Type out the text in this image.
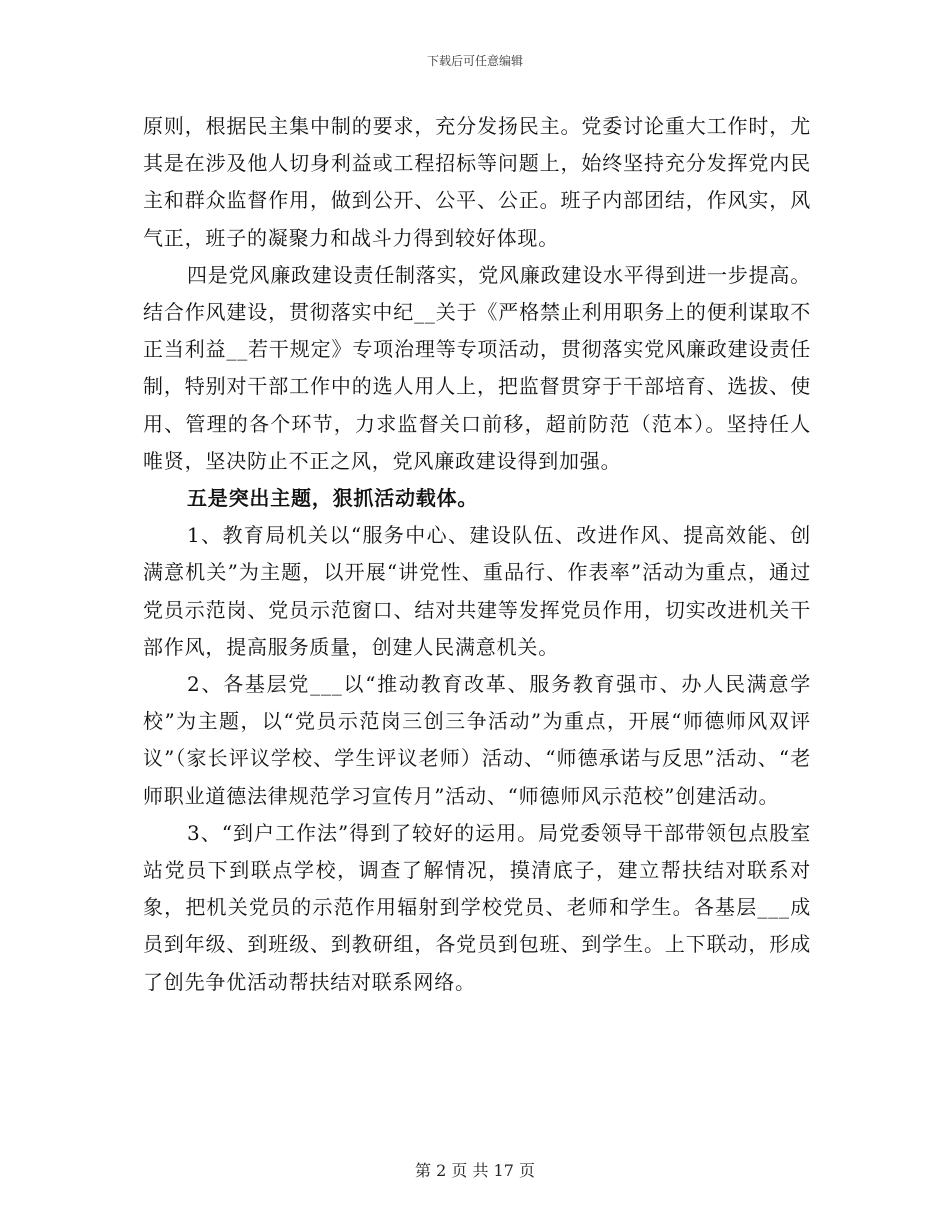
下载后可任意编辑

原则，根据民主集中制的要求，充分发扬民主。党委讨论重大工作时，尤其是在涉及他人切身利益或工程招标等问题上，始终坚持充分发挥党内民主和群众监督作用，做到公开、公平、公正。班子内部团结，作风实，风气正，班子的凝聚力和战斗力得到较好体现。

四是党风廉政建设责任制落实，党风廉政建设水平得到进一步提高。结合作风建设，贯彻落实中纪__关于《严格禁止利用职务上的便利谋取不正当利益__若干规定》专项治理等专项活动，贯彻落实党风廉政建设责任制，特别对干部工作中的选人用人上，把监督贯穿于干部培育、选拔、使用、管理的各个环节，力求监督关口前移，超前防范（范本）。坚持任人唯贤，坚决防止不正之风，党风廉政建设得到加强。

五是突出主题，狠抓活动载体。

1、教育局机关以“服务中心、建设队伍、改进作风、提高效能、创满意机关”为主题，以开展“讲党性、重品行、作表率”活动为重点，通过党员示范岗、党员示范窗口、结对共建等发挥党员作用，切实改进机关干部作风，提高服务质量，创建人民满意机关。

2、各基层党___以“推动教育改革、服务教育强市、办人民满意学校”为主题，以“党员示范岗三创三争活动”为重点，开展“师德师风双评议”（家长评议学校、学生评议老师）活动、“师德承诺与反思”活动、“老师职业道德法律规范学习宣传月”活动、“师德师风示范校”创建活动。

3、“到户工作法”得到了较好的运用。局党委领导干部带领包点股室站党员下到联点学校，调查了解情况，摸清底子，建立帮扶结对联系对象，把机关党员的示范作用辐射到学校党员、老师和学生。各基层___成员到年级、到班级、到教研组，各党员到包班、到学生。上下联动，形成了创先争优活动帮扶结对联系网络。

第 2 页 共 17 页
